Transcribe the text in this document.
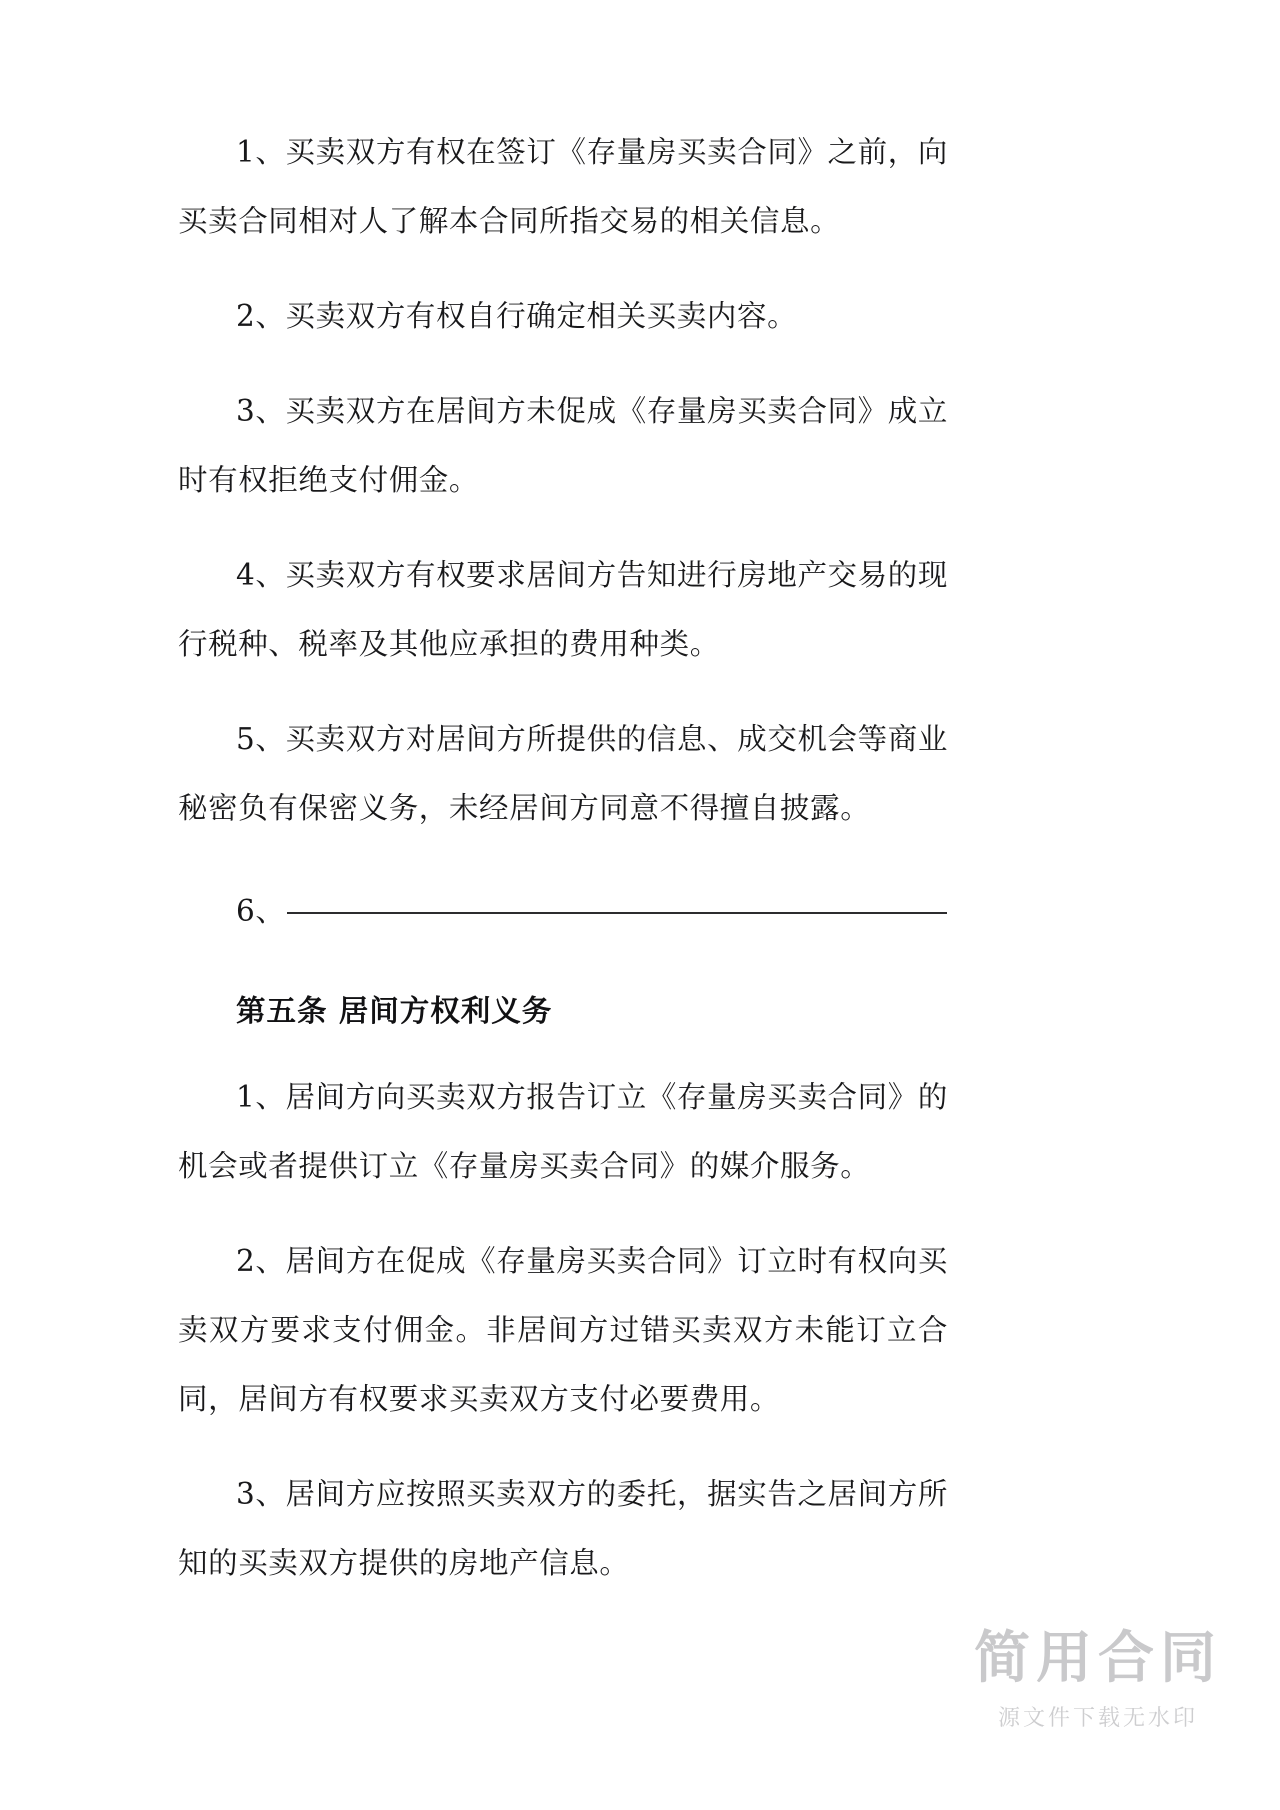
1、买卖双方有权在签订《存量房买卖合同》之前，向买卖合同相对人了解本合同所指交易的相关信息。

2、买卖双方有权自行确定相关买卖内容。

3、买卖双方在居间方未促成《存量房买卖合同》成立时有权拒绝支付佣金。

4、买卖双方有权要求居间方告知进行房地产交易的现行税种、税率及其他应承担的费用种类。

5、买卖双方对居间方所提供的信息、成交机会等商业秘密负有保密义务，未经居间方同意不得擅自披露。

6、
第五条 居间方权利义务

1、居间方向买卖双方报告订立《存量房买卖合同》的机会或者提供订立《存量房买卖合同》的媒介服务。

2、居间方在促成《存量房买卖合同》订立时有权向买卖双方要求支付佣金。非居间方过错买卖双方未能订立合同，居间方有权要求买卖双方支付必要费用。

3、居间方应按照买卖双方的委托，据实告之居间方所知的买卖双方提供的房地产信息。

简用合同
源文件下载无水印
